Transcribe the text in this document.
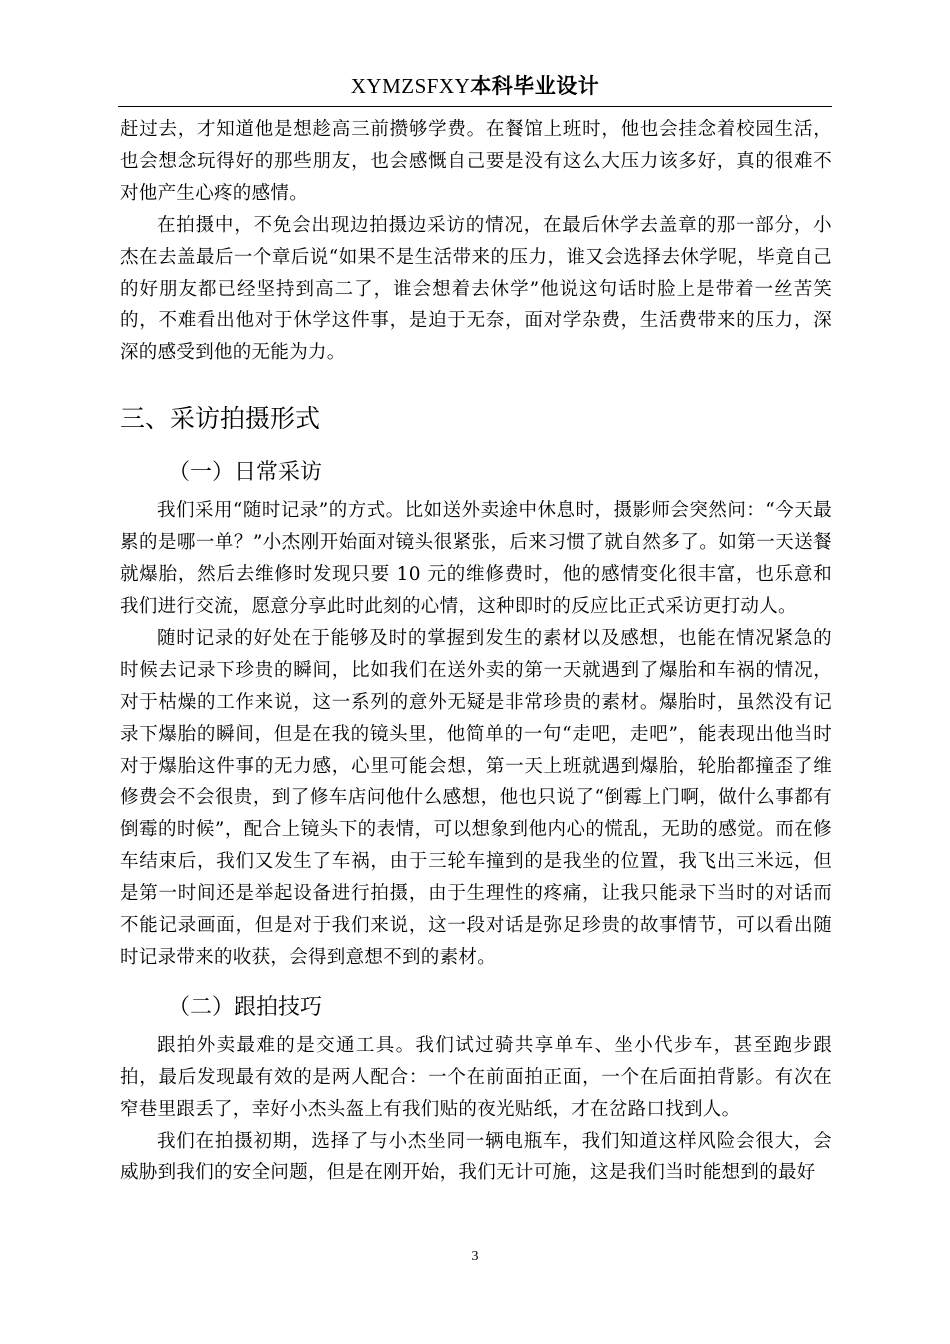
XYMZSFXY本科毕业设计

赶过去，才知道他是想趁高三前攒够学费。在餐馆上班时，他也会挂念着校园生活，也会想念玩得好的那些朋友，也会感慨自己要是没有这么大压力该多好，真的很难不对他产生心疼的感情。

在拍摄中，不免会出现边拍摄边采访的情况，在最后休学去盖章的那一部分，小杰在去盖最后一个章后说“如果不是生活带来的压力，谁又会选择去休学呢，毕竟自己的好朋友都已经坚持到高二了，谁会想着去休学”他说这句话时脸上是带着一丝苦笑的，不难看出他对于休学这件事，是迫于无奈，面对学杂费，生活费带来的压力，深深的感受到他的无能为力。

三、采访拍摄形式
（一）日常采访

我们采用“随时记录”的方式。比如送外卖途中休息时，摄影师会突然问：“今天最累的是哪一单？”小杰刚开始面对镜头很紧张，后来习惯了就自然多了。如第一天送餐就爆胎，然后去维修时发现只要 10 元的维修费时，他的感情变化很丰富，也乐意和我们进行交流，愿意分享此时此刻的心情，这种即时的反应比正式采访更打动人。

随时记录的好处在于能够及时的掌握到发生的素材以及感想，也能在情况紧急的时候去记录下珍贵的瞬间，比如我们在送外卖的第一天就遇到了爆胎和车祸的情况，对于枯燥的工作来说，这一系列的意外无疑是非常珍贵的素材。爆胎时，虽然没有记录下爆胎的瞬间，但是在我的镜头里，他简单的一句“走吧，走吧”，能表现出他当时对于爆胎这件事的无力感，心里可能会想，第一天上班就遇到爆胎，轮胎都撞歪了维修费会不会很贵，到了修车店问他什么感想，他也只说了“倒霉上门啊，做什么事都有倒霉的时候”，配合上镜头下的表情，可以想象到他内心的慌乱，无助的感觉。而在修车结束后，我们又发生了车祸，由于三轮车撞到的是我坐的位置，我飞出三米远，但是第一时间还是举起设备进行拍摄，由于生理性的疼痛，让我只能录下当时的对话而不能记录画面，但是对于我们来说，这一段对话是弥足珍贵的故事情节，可以看出随时记录带来的收获，会得到意想不到的素材。

（二）跟拍技巧

跟拍外卖最难的是交通工具。我们试过骑共享单车、坐小代步车，甚至跑步跟拍，最后发现最有效的是两人配合：一个在前面拍正面，一个在后面拍背影。有次在窄巷里跟丢了，幸好小杰头盔上有我们贴的夜光贴纸，才在岔路口找到人。

我们在拍摄初期，选择了与小杰坐同一辆电瓶车，我们知道这样风险会很大，会威胁到我们的安全问题，但是在刚开始，我们无计可施，这是我们当时能想到的最好

3
